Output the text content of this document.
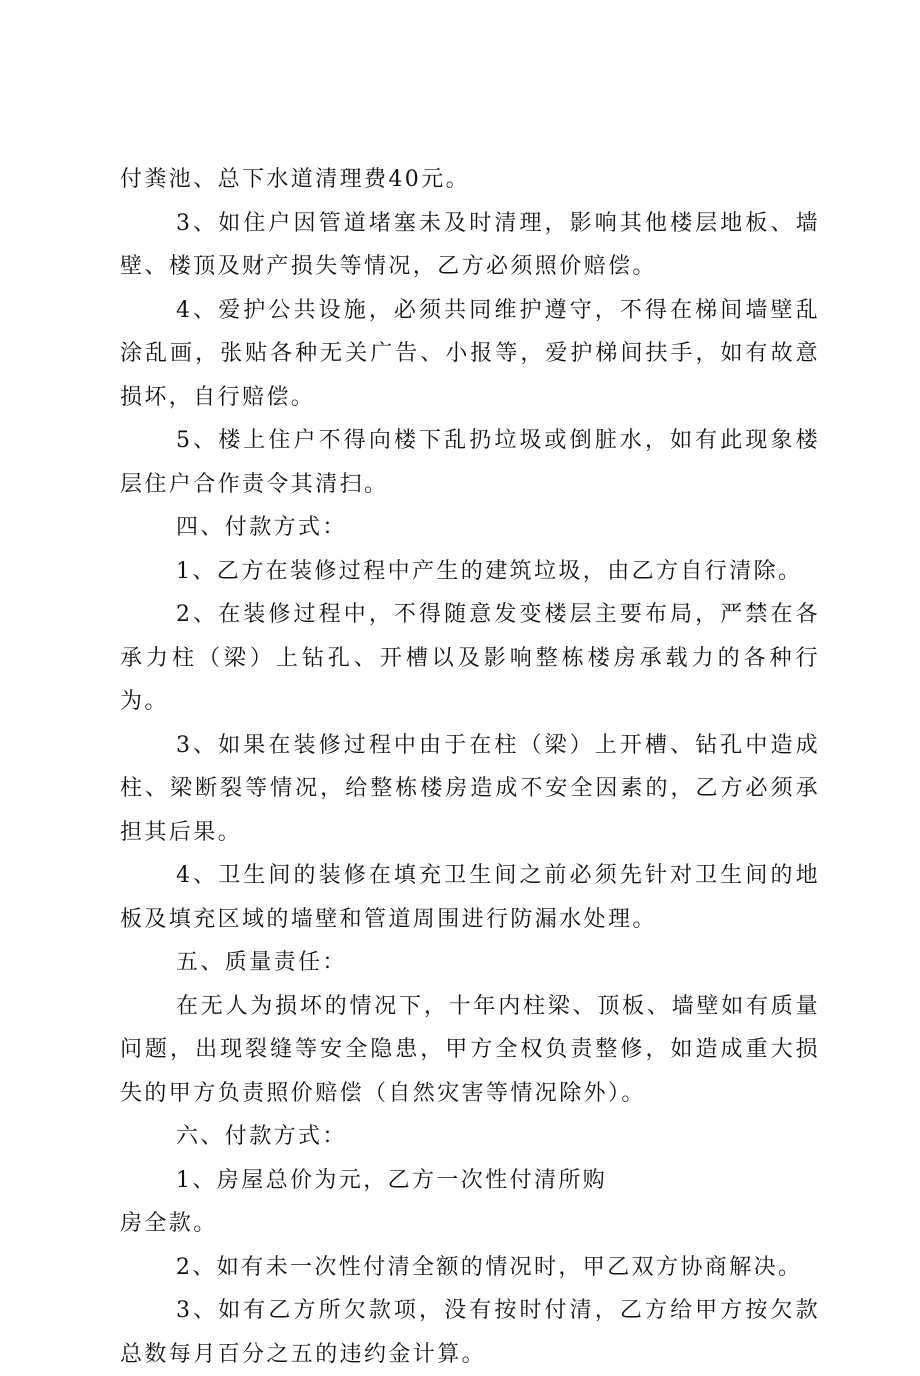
付粪池、总下水道清理费40元。

3、如住户因管道堵塞未及时清理，影响其他楼层地板、墙壁、楼顶及财产损失等情况，乙方必须照价赔偿。

4、爱护公共设施，必须共同维护遵守，不得在梯间墙壁乱涂乱画，张贴各种无关广告、小报等，爱护梯间扶手，如有故意损坏，自行赔偿。

5、楼上住户不得向楼下乱扔垃圾或倒脏水，如有此现象楼层住户合作责令其清扫。

四、付款方式：

1、乙方在装修过程中产生的建筑垃圾，由乙方自行清除。

2、在装修过程中，不得随意发变楼层主要布局，严禁在各承力柱（梁）上钻孔、开槽以及影响整栋楼房承载力的各种行为。

3、如果在装修过程中由于在柱（梁）上开槽、钻孔中造成柱、梁断裂等情况，给整栋楼房造成不安全因素的，乙方必须承担其后果。

4、卫生间的装修在填充卫生间之前必须先针对卫生间的地板及填充区域的墙壁和管道周围进行防漏水处理。

五、质量责任：

在无人为损坏的情况下，十年内柱梁、顶板、墙壁如有质量问题，出现裂缝等安全隐患，甲方全权负责整修，如造成重大损失的甲方负责照价赔偿（自然灾害等情况除外）。

六、付款方式：

1、房屋总价为元，乙方一次性付清所购

房全款。

2、如有未一次性付清全额的情况时，甲乙双方协商解决。

3、如有乙方所欠款项，没有按时付清，乙方给甲方按欠款总数每月百分之五的违约金计算。
